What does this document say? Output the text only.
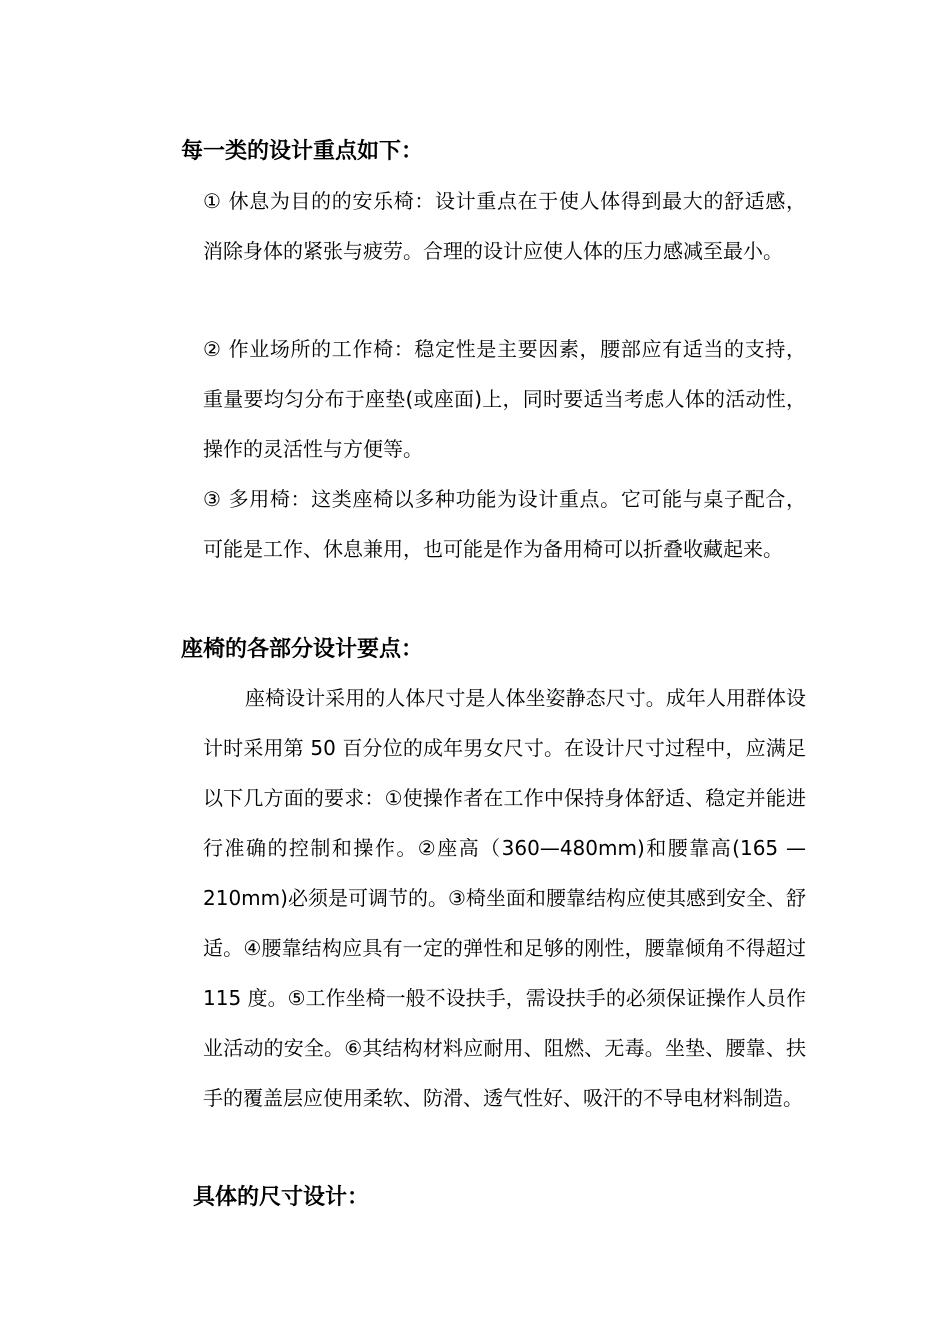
每一类的设计重点如下：
① 休息为目的的安乐椅：设计重点在于使人体得到最大的舒适感，消除身体的紧张与疲劳。合理的设计应使人体的压力感减至最小。
② 作业场所的工作椅：稳定性是主要因素，腰部应有适当的支持，重量要均匀分布于座垫(或座面)上，同时要适当考虑人体的活动性，操作的灵活性与方便等。
③ 多用椅：这类座椅以多种功能为设计重点。它可能与桌子配合，可能是工作、休息兼用，也可能是作为备用椅可以折叠收藏起来。
座椅的各部分设计要点：
座椅设计采用的人体尺寸是人体坐姿静态尺寸。成年人用群体设计时采用第 50 百分位的成年男女尺寸。在设计尺寸过程中，应满足以下几方面的要求：①使操作者在工作中保持身体舒适、稳定并能进行准确的控制和操作。②座高（360—480mm)和腰靠高(165 —210mm)必须是可调节的。③椅坐面和腰靠结构应使其感到安全、舒适。④腰靠结构应具有一定的弹性和足够的刚性，腰靠倾角不得超过 115 度。⑤工作坐椅一般不设扶手，需设扶手的必须保证操作人员作业活动的安全。⑥其结构材料应耐用、阻燃、无毒。坐垫、腰靠、扶手的覆盖层应使用柔软、防滑、透气性好、吸汗的不导电材料制造。
具体的尺寸设计：
